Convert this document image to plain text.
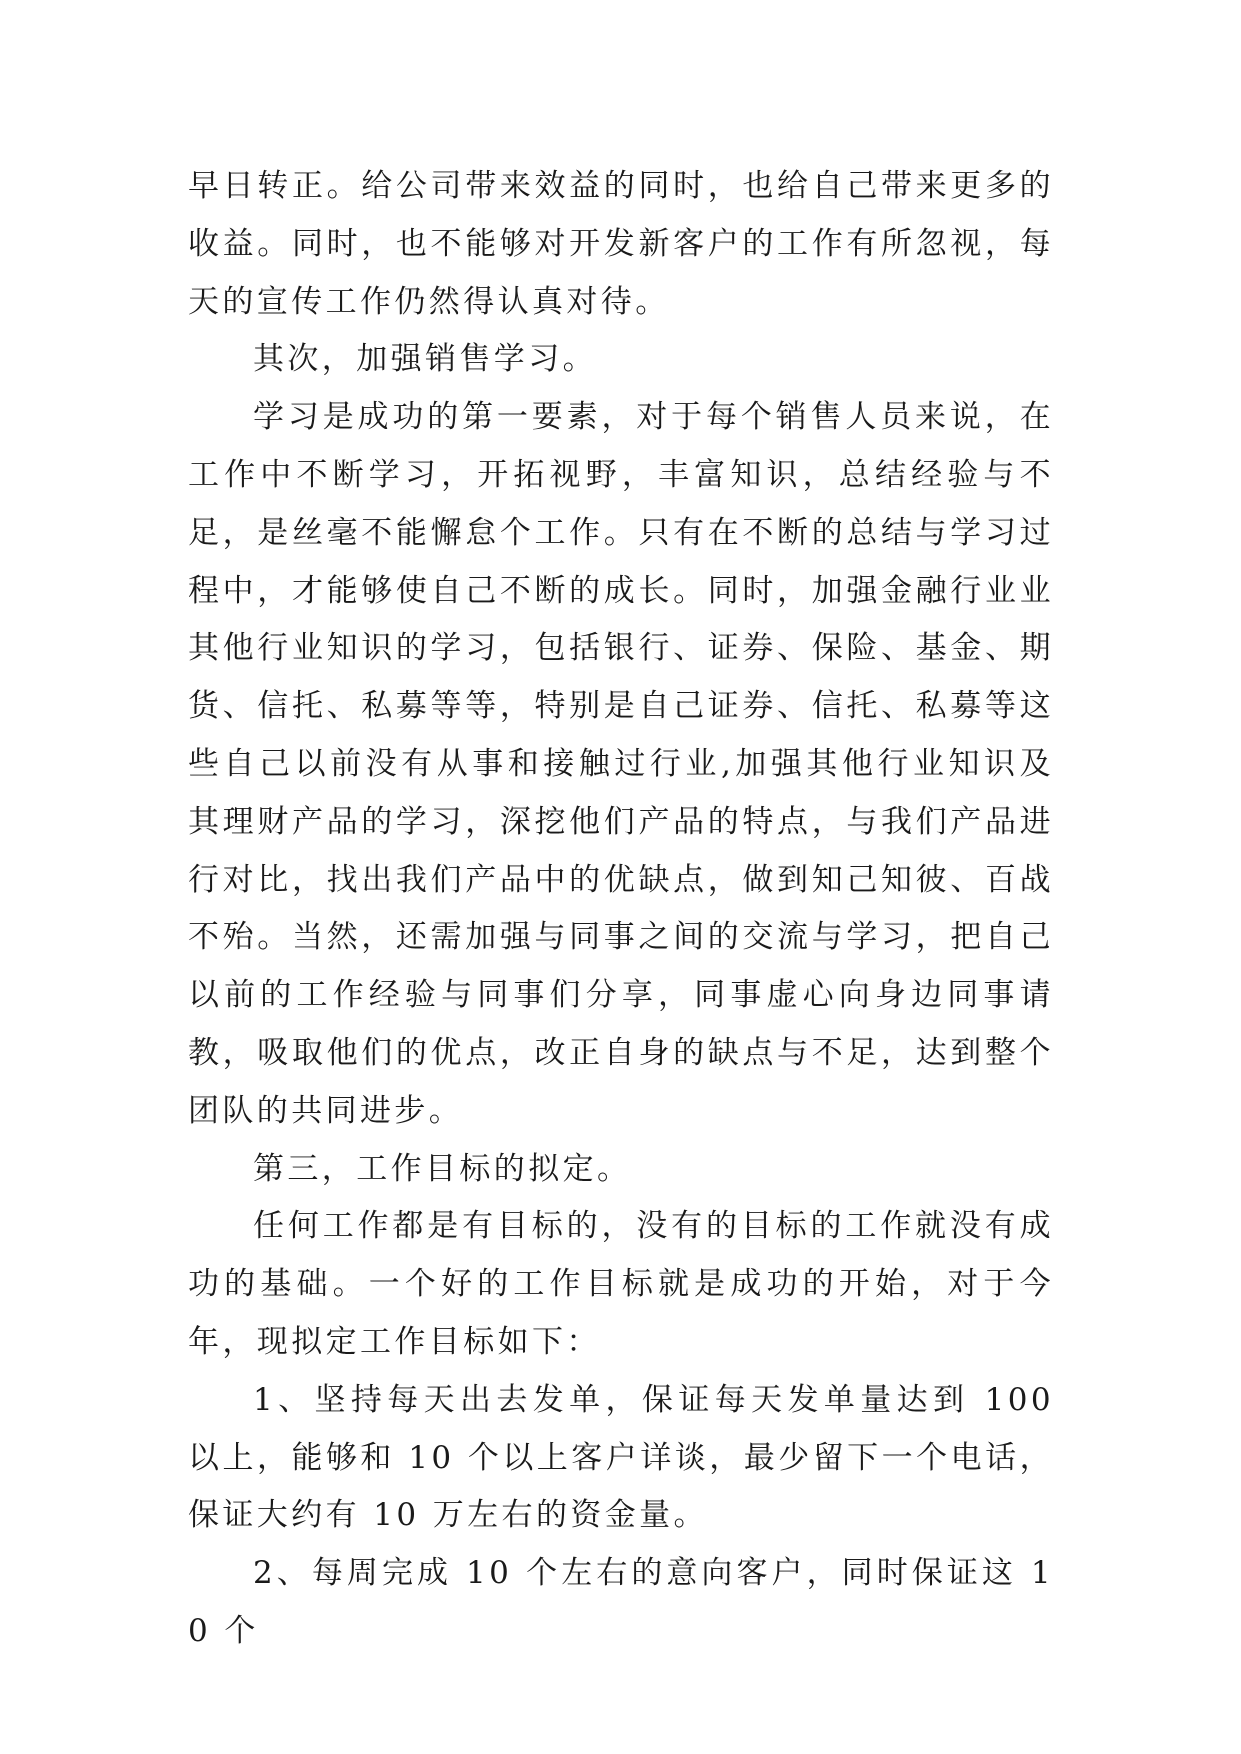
早日转正。给公司带来效益的同时，也给自己带来更多的收益。同时，也不能够对开发新客户的工作有所忽视，每天的宣传工作仍然得认真对待。

其次，加强销售学习。

学习是成功的第一要素，对于每个销售人员来说，在工作中不断学习，开拓视野，丰富知识，总结经验与不足，是丝毫不能懈怠个工作。只有在不断的总结与学习过程中，才能够使自己不断的成长。同时，加强金融行业业其他行业知识的学习，包括银行、证券、保险、基金、期货、信托、私募等等，特别是自己证券、信托、私募等这些自己以前没有从事和接触过行业,加强其他行业知识及其理财产品的学习，深挖他们产品的特点，与我们产品进行对比，找出我们产品中的优缺点，做到知己知彼、百战不殆。当然，还需加强与同事之间的交流与学习，把自己以前的工作经验与同事们分享，同事虚心向身边同事请教，吸取他们的优点，改正自身的缺点与不足，达到整个团队的共同进步。

第三，工作目标的拟定。

任何工作都是有目标的，没有的目标的工作就没有成功的基础。一个好的工作目标就是成功的开始，对于今年，现拟定工作目标如下：

1、坚持每天出去发单，保证每天发单量达到 100 以上，能够和 10 个以上客户详谈，最少留下一个电话，保证大约有 10 万左右的资金量。

2、每周完成 10 个左右的意向客户，同时保证这 10 个
